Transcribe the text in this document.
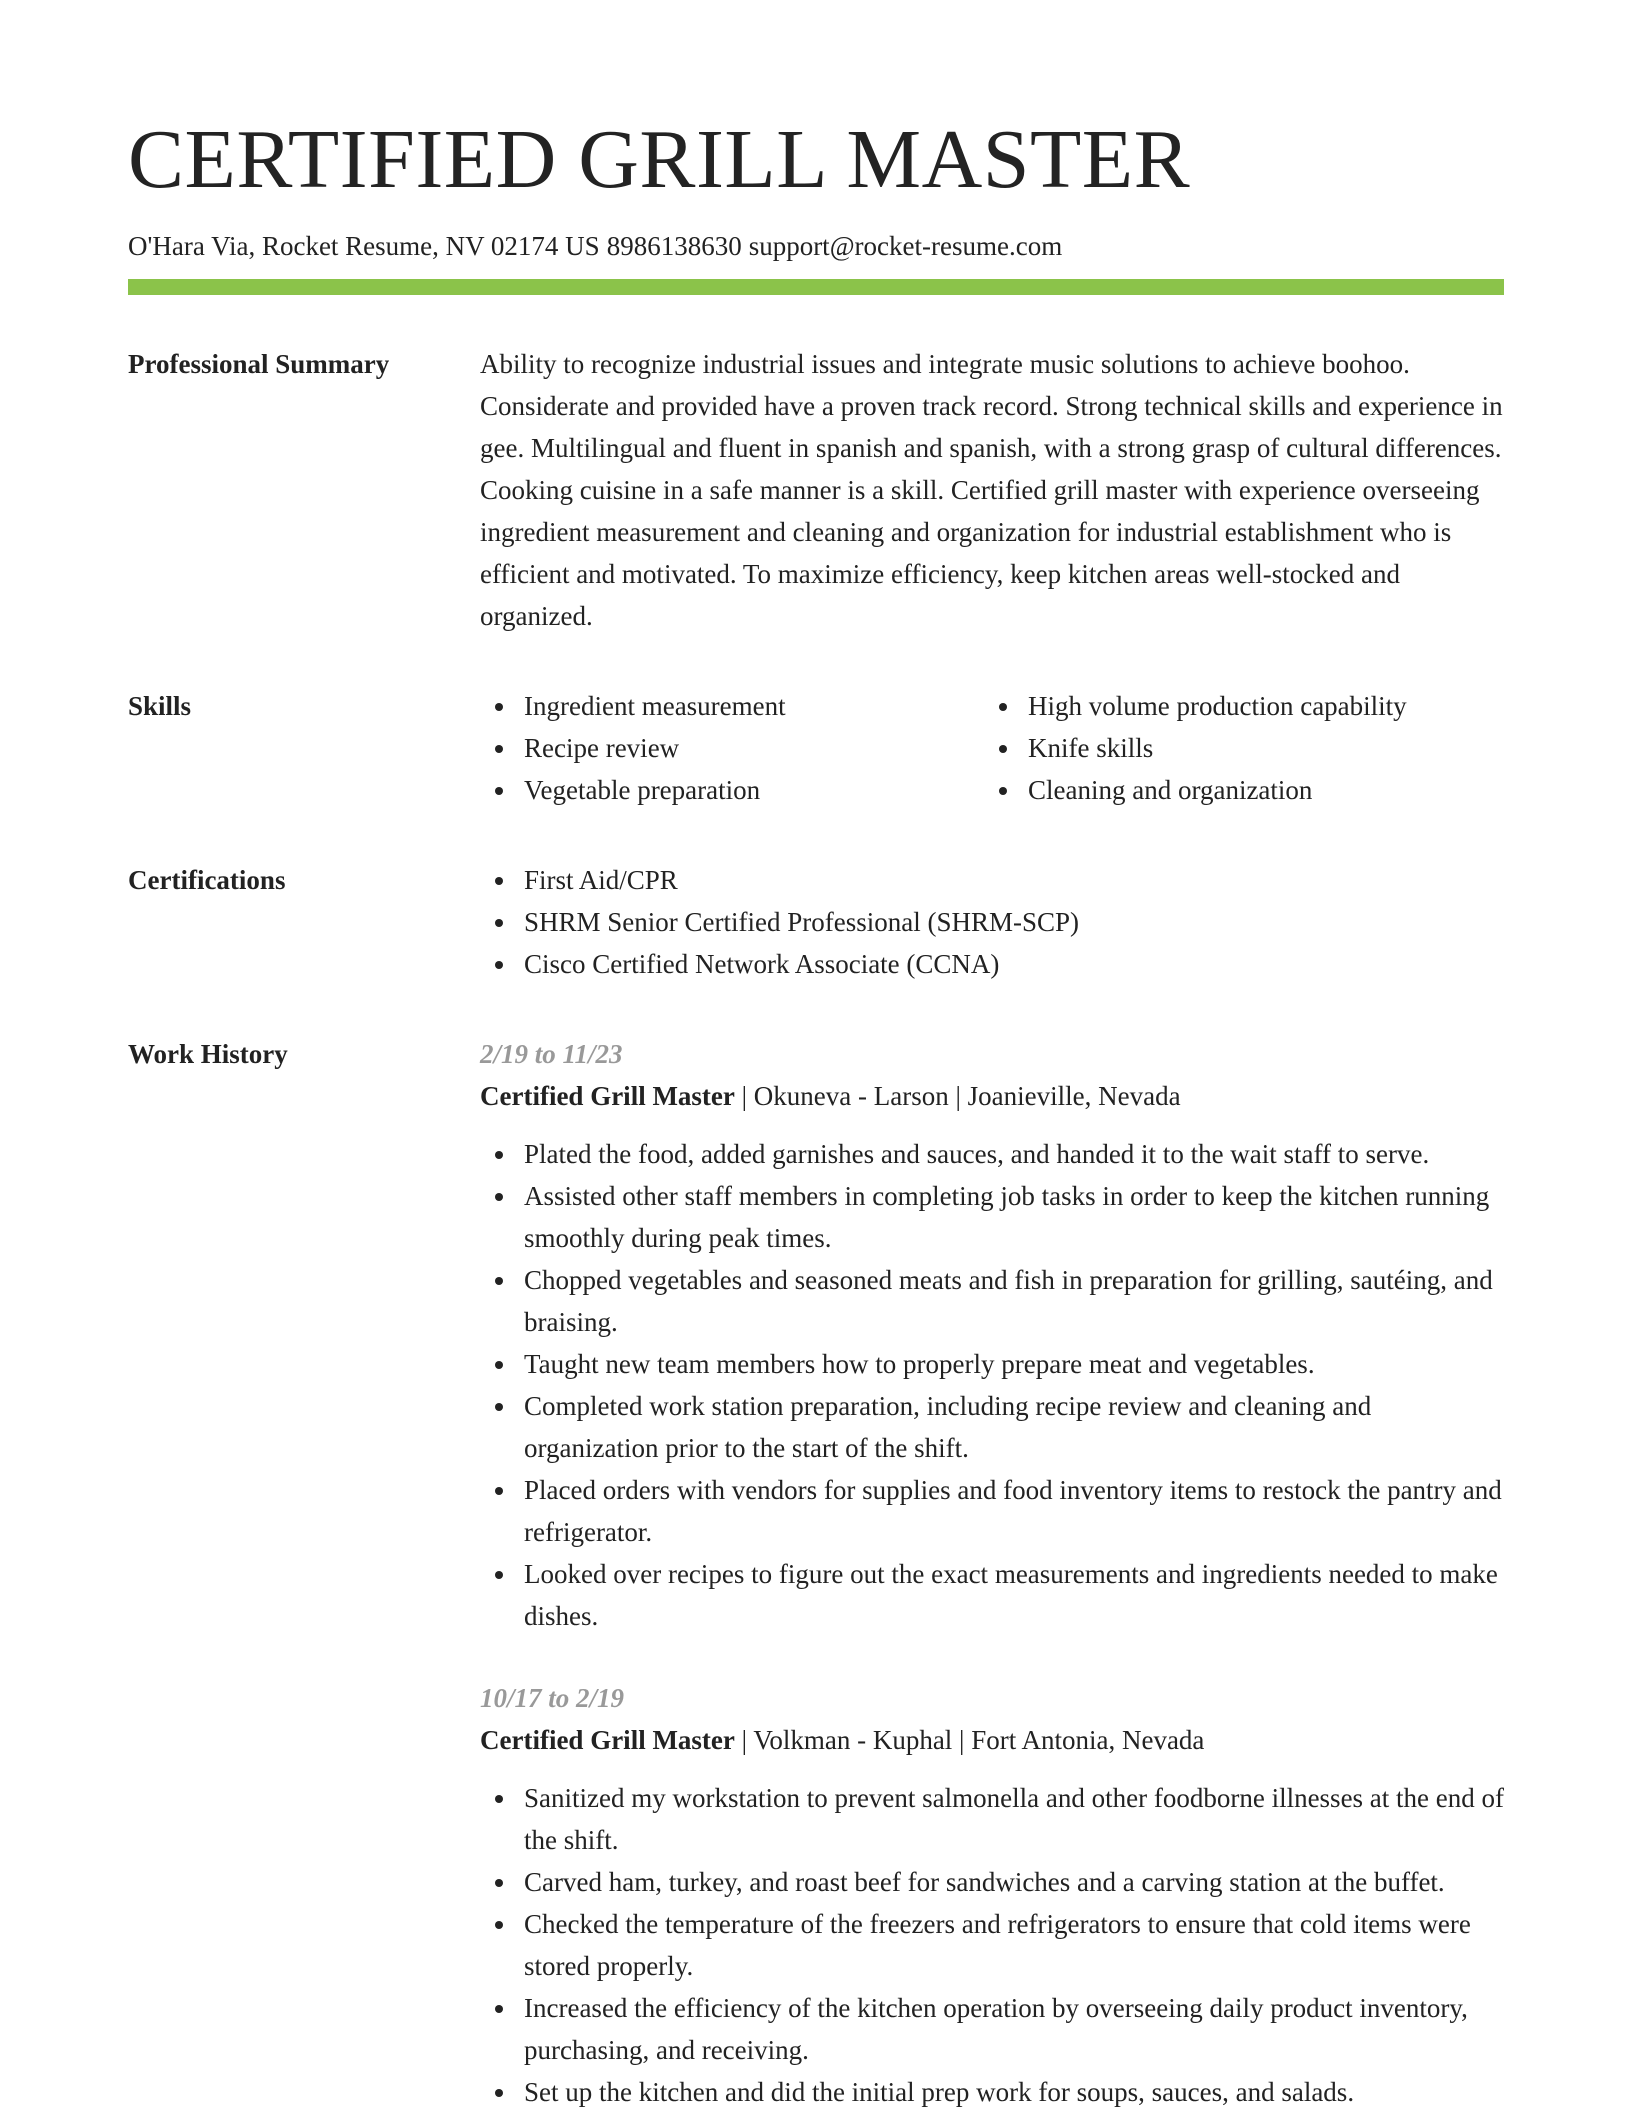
CERTIFIED GRILL MASTER
O'Hara Via, Rocket Resume, NV 02174 US 8986138630 support@rocket-resume.com
Professional Summary	Ability to recognize industrial issues and integrate music solutions to achieve boohoo. Considerate and provided have a proven track record. Strong technical skills and experience in gee. Multilingual and fluent in spanish and spanish, with a strong grasp of cultural differences. Cooking cuisine in a safe manner is a skill. Certified grill master with experience overseeing ingredient measurement and cleaning and organization for industrial establishment who is efficient and motivated. To maximize efficiency, keep kitchen areas well-stocked and organized.

Skills	Ingredient measurement
Recipe review
Vegetable preparation
High volume production capability
Knife skills
Cleaning and organization
Certifications	First Aid/CPR
SHRM Senior Certified Professional (SHRM-SCP)
Cisco Certified Network Associate (CCNA)
Work History	2/19 to 11/23
Certified Grill Master | Okuneva - Larson | Joanieville, Nevada
Plated the food, added garnishes and sauces, and handed it to the wait staff to serve.
Assisted other staff members in completing job tasks in order to keep the kitchen running smoothly during peak times.
Chopped vegetables and seasoned meats and fish in preparation for grilling, sautéing, and braising.
Taught new team members how to properly prepare meat and vegetables.
Completed work station preparation, including recipe review and cleaning and organization prior to the start of the shift.
Placed orders with vendors for supplies and food inventory items to restock the pantry and refrigerator.
Looked over recipes to figure out the exact measurements and ingredients needed to make dishes.
10/17 to 2/19
Certified Grill Master | Volkman - Kuphal | Fort Antonia, Nevada
Sanitized my workstation to prevent salmonella and other foodborne illnesses at the end of the shift.
Carved ham, turkey, and roast beef for sandwiches and a carving station at the buffet.
Checked the temperature of the freezers and refrigerators to ensure that cold items were stored properly.
Increased the efficiency of the kitchen operation by overseeing daily product inventory, purchasing, and receiving.
Set up the kitchen and did the initial prep work for soups, sauces, and salads.
